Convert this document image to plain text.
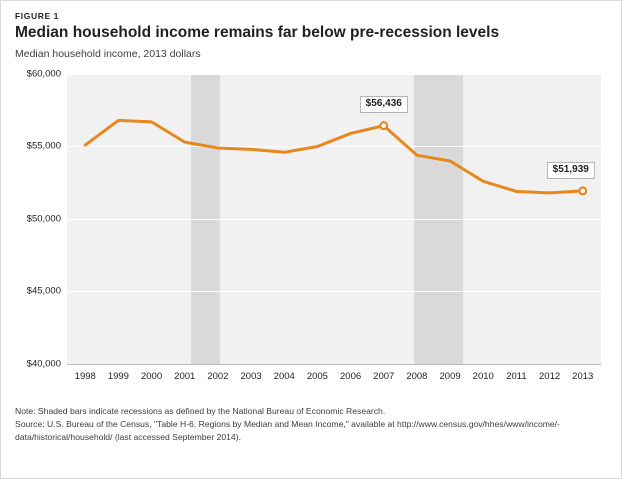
FIGURE 1
Median household income remains far below pre-recession levels
Median household income, 2013 dollars
$40,000
$45,000
$50,000
$55,000
$60,000
1998 1999 2000 2001 2002 2003 2004 2005 2006 2007 2008 2009 2010 2011 2012 2013
$56,436
$51,939
Note: Shaded bars indicate recessions as defined by the National Bureau of Economic Research.
Source: U.S. Bureau of the Census, "Table H-6. Regions by Median and Mean Income," available at http://www.census.gov/hhes/www/income/-
data/historical/household/ (last accessed September 2014).
